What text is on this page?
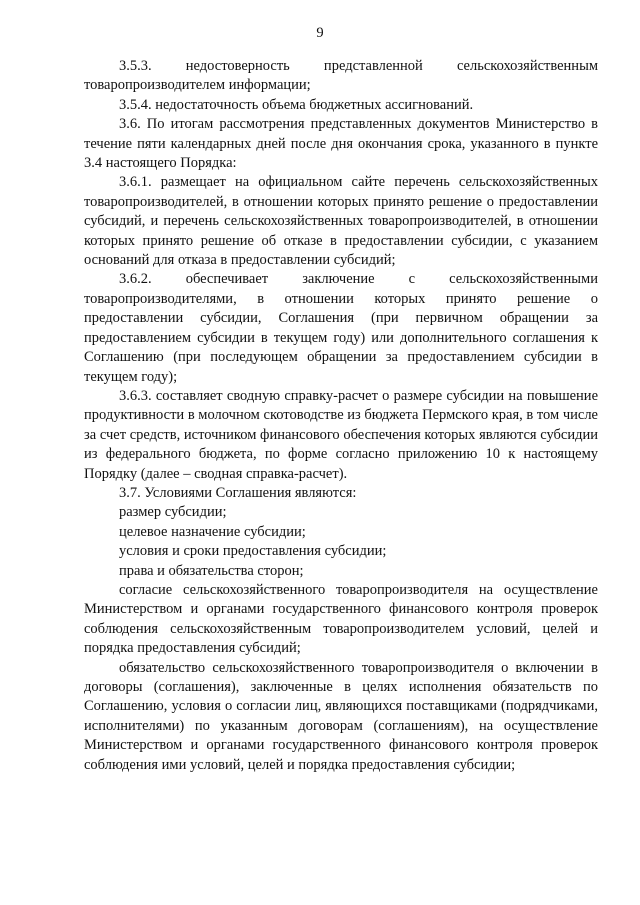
9

3.5.3. недостоверность представленной сельскохозяйственным товаропроизводителем информации;

3.5.4. недостаточность объема бюджетных ассигнований.

3.6. По итогам рассмотрения представленных документов Министерство в течение пяти календарных дней после дня окончания срока, указанного в пункте 3.4 настоящего Порядка:

3.6.1. размещает на официальном сайте перечень сельскохозяйственных товаропроизводителей, в отношении которых принято решение о предоставлении субсидий, и перечень сельскохозяйственных товаропроизводителей, в отношении которых принято решение об отказе в предоставлении субсидии, с указанием оснований для отказа в предоставлении субсидий;

3.6.2. обеспечивает заключение с сельскохозяйственными товаропроизводителями, в отношении которых принято решение о предоставлении субсидии, Соглашения (при первичном обращении за предоставлением субсидии в текущем году) или дополнительного соглашения к Соглашению (при последующем обращении за предоставлением субсидии в текущем году);

3.6.3. составляет сводную справку-расчет о размере субсидии на повышение продуктивности в молочном скотоводстве из бюджета Пермского края, в том числе за счет средств, источником финансового обеспечения которых являются субсидии из федерального бюджета, по форме согласно приложению 10 к настоящему Порядку (далее – сводная справка-расчет).

3.7. Условиями Соглашения являются:

размер субсидии;

целевое назначение субсидии;

условия и сроки предоставления субсидии;

права и обязательства сторон;

согласие сельскохозяйственного товаропроизводителя на осуществление Министерством и органами государственного финансового контроля проверок соблюдения сельскохозяйственным товаропроизводителем условий, целей и порядка предоставления субсидий;

обязательство сельскохозяйственного товаропроизводителя о включении в договоры (соглашения), заключенные в целях исполнения обязательств по Соглашению, условия о согласии лиц, являющихся поставщиками (подрядчиками, исполнителями) по указанным договорам (соглашениям), на осуществление Министерством и органами государственного финансового контроля проверок соблюдения ими условий, целей и порядка предоставления субсидии;
